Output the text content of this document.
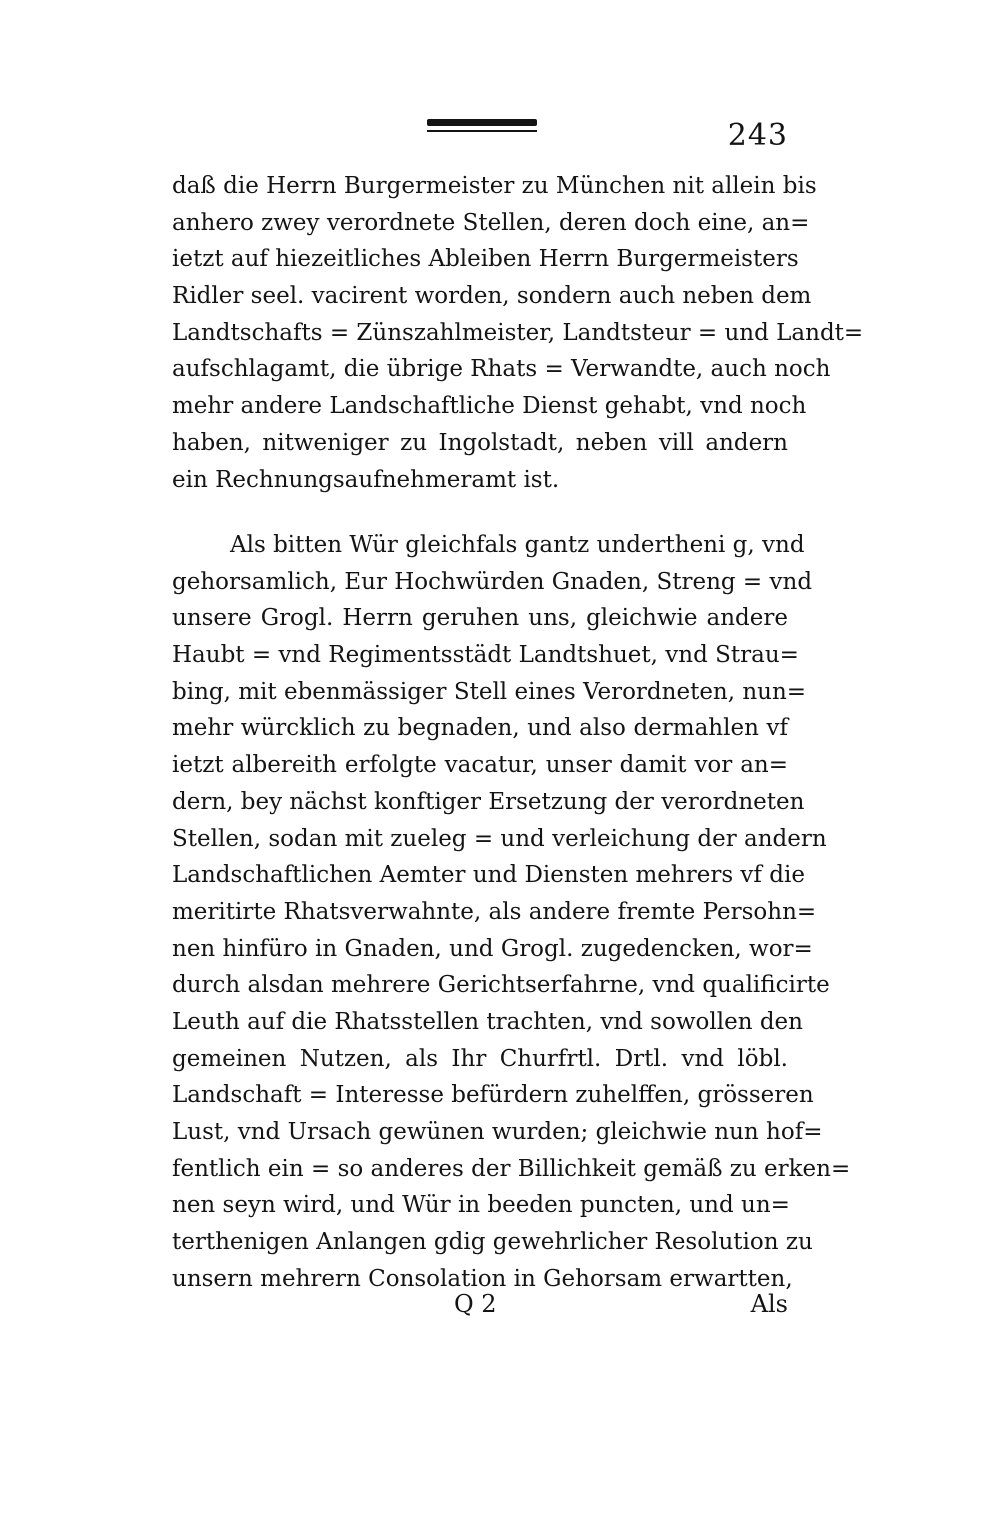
243
daß die Herrn Burgermeister zu München nit allein bis
anhero zwey verordnete Stellen, deren doch eine, an=
ietzt auf hiezeitliches Ableiben Herrn Burgermeisters
Ridler seel. vacirent worden, sondern auch neben dem
Landtschafts = Zünszahlmeister, Landtsteur = und Landt=
aufschlagamt, die übrige Rhats = Verwandte, auch noch
mehr andere Landschaftliche Dienst gehabt, vnd noch
haben, nitweniger zu Ingolstadt, neben vill andern
ein Rechnungsaufnehmeramt ist.
Als bitten Wür gleichfals gantz undertheni g, vnd
gehorsamlich, Eur Hochwürden Gnaden, Streng = vnd
unsere Grogl. Herrn geruhen uns, gleichwie andere
Haubt = vnd Regimentsstädt Landtshuet, vnd Strau=
bing, mit ebenmässiger Stell eines Verordneten, nun=
mehr würcklich zu begnaden, und also dermahlen vf
ietzt albereith erfolgte vacatur, unser damit vor an=
dern, bey nächst konftiger Ersetzung der verordneten
Stellen, sodan mit zueleg = und verleichung der andern
Landschaftlichen Aemter und Diensten mehrers vf die
meritirte Rhatsverwahnte, als andere fremte Persohn=
nen hinfüro in Gnaden, und Grogl. zugedencken, wor=
durch alsdan mehrere Gerichtserfahrne, vnd qualificirte
Leuth auf die Rhatsstellen trachten, vnd sowollen den
gemeinen Nutzen, als Ihr Churfrtl. Drtl. vnd löbl.
Landschaft = Interesse befürdern zuhelffen, grösseren
Lust, vnd Ursach gewünen wurden; gleichwie nun hof=
fentlich ein = so anderes der Billichkeit gemäß zu erken=
nen seyn wird, und Wür in beeden puncten, und un=
terthenigen Anlangen gdig gewehrlicher Resolution zu
unsern mehrern Consolation in Gehorsam erwartten,
Q 2	Als
